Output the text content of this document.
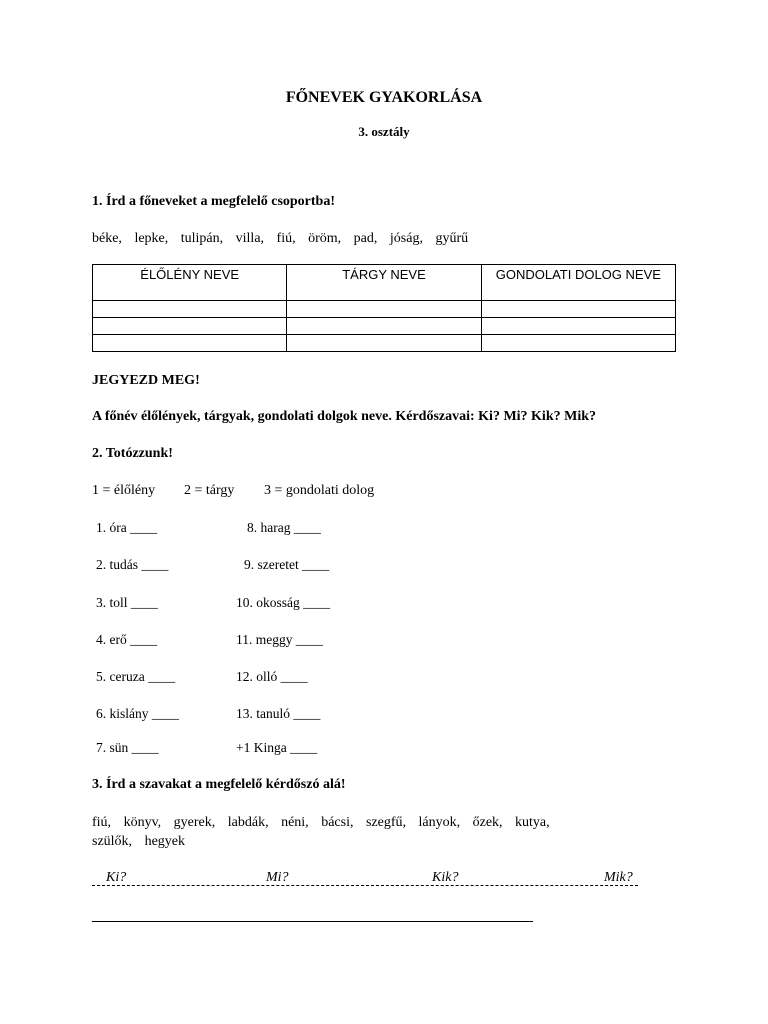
FŐNEVEK GYAKORLÁSA
3. osztály
1. Írd a főneveket a megfelelő csoportba!
béke, lepke, tulipán, villa, fiú, öröm, pad, jóság, gyűrű
ÉLŐLÉNY NEVE	TÁRGY NEVE	GONDOLATI DOLOG NEVE

JEGYEZD MEG!
A főnév élőlények, tárgyak, gondolati dolgok neve. Kérdőszavai: Ki? Mi? Kik? Mik?
2. Totózzunk!
1 = élőlény 2 = tárgy 3 = gondolati dolog
1. óra ____
2. tudás ____
3. toll ____
4. erő ____
5. ceruza ____
6. kislány ____
7. sün ____
8. harag ____
9. szeretet ____
10. okosság ____
11. meggy ____
12. olló ____
13. tanuló ____
+1 Kinga ____
3. Írd a szavakat a megfelelő kérdőszó alá!
fiú, könyv, gyerek, labdák, néni, bácsi, szegfű, lányok, őzek, kutya,
szülők, hegyek
Ki?	Mi?	Kik?	Mik?
